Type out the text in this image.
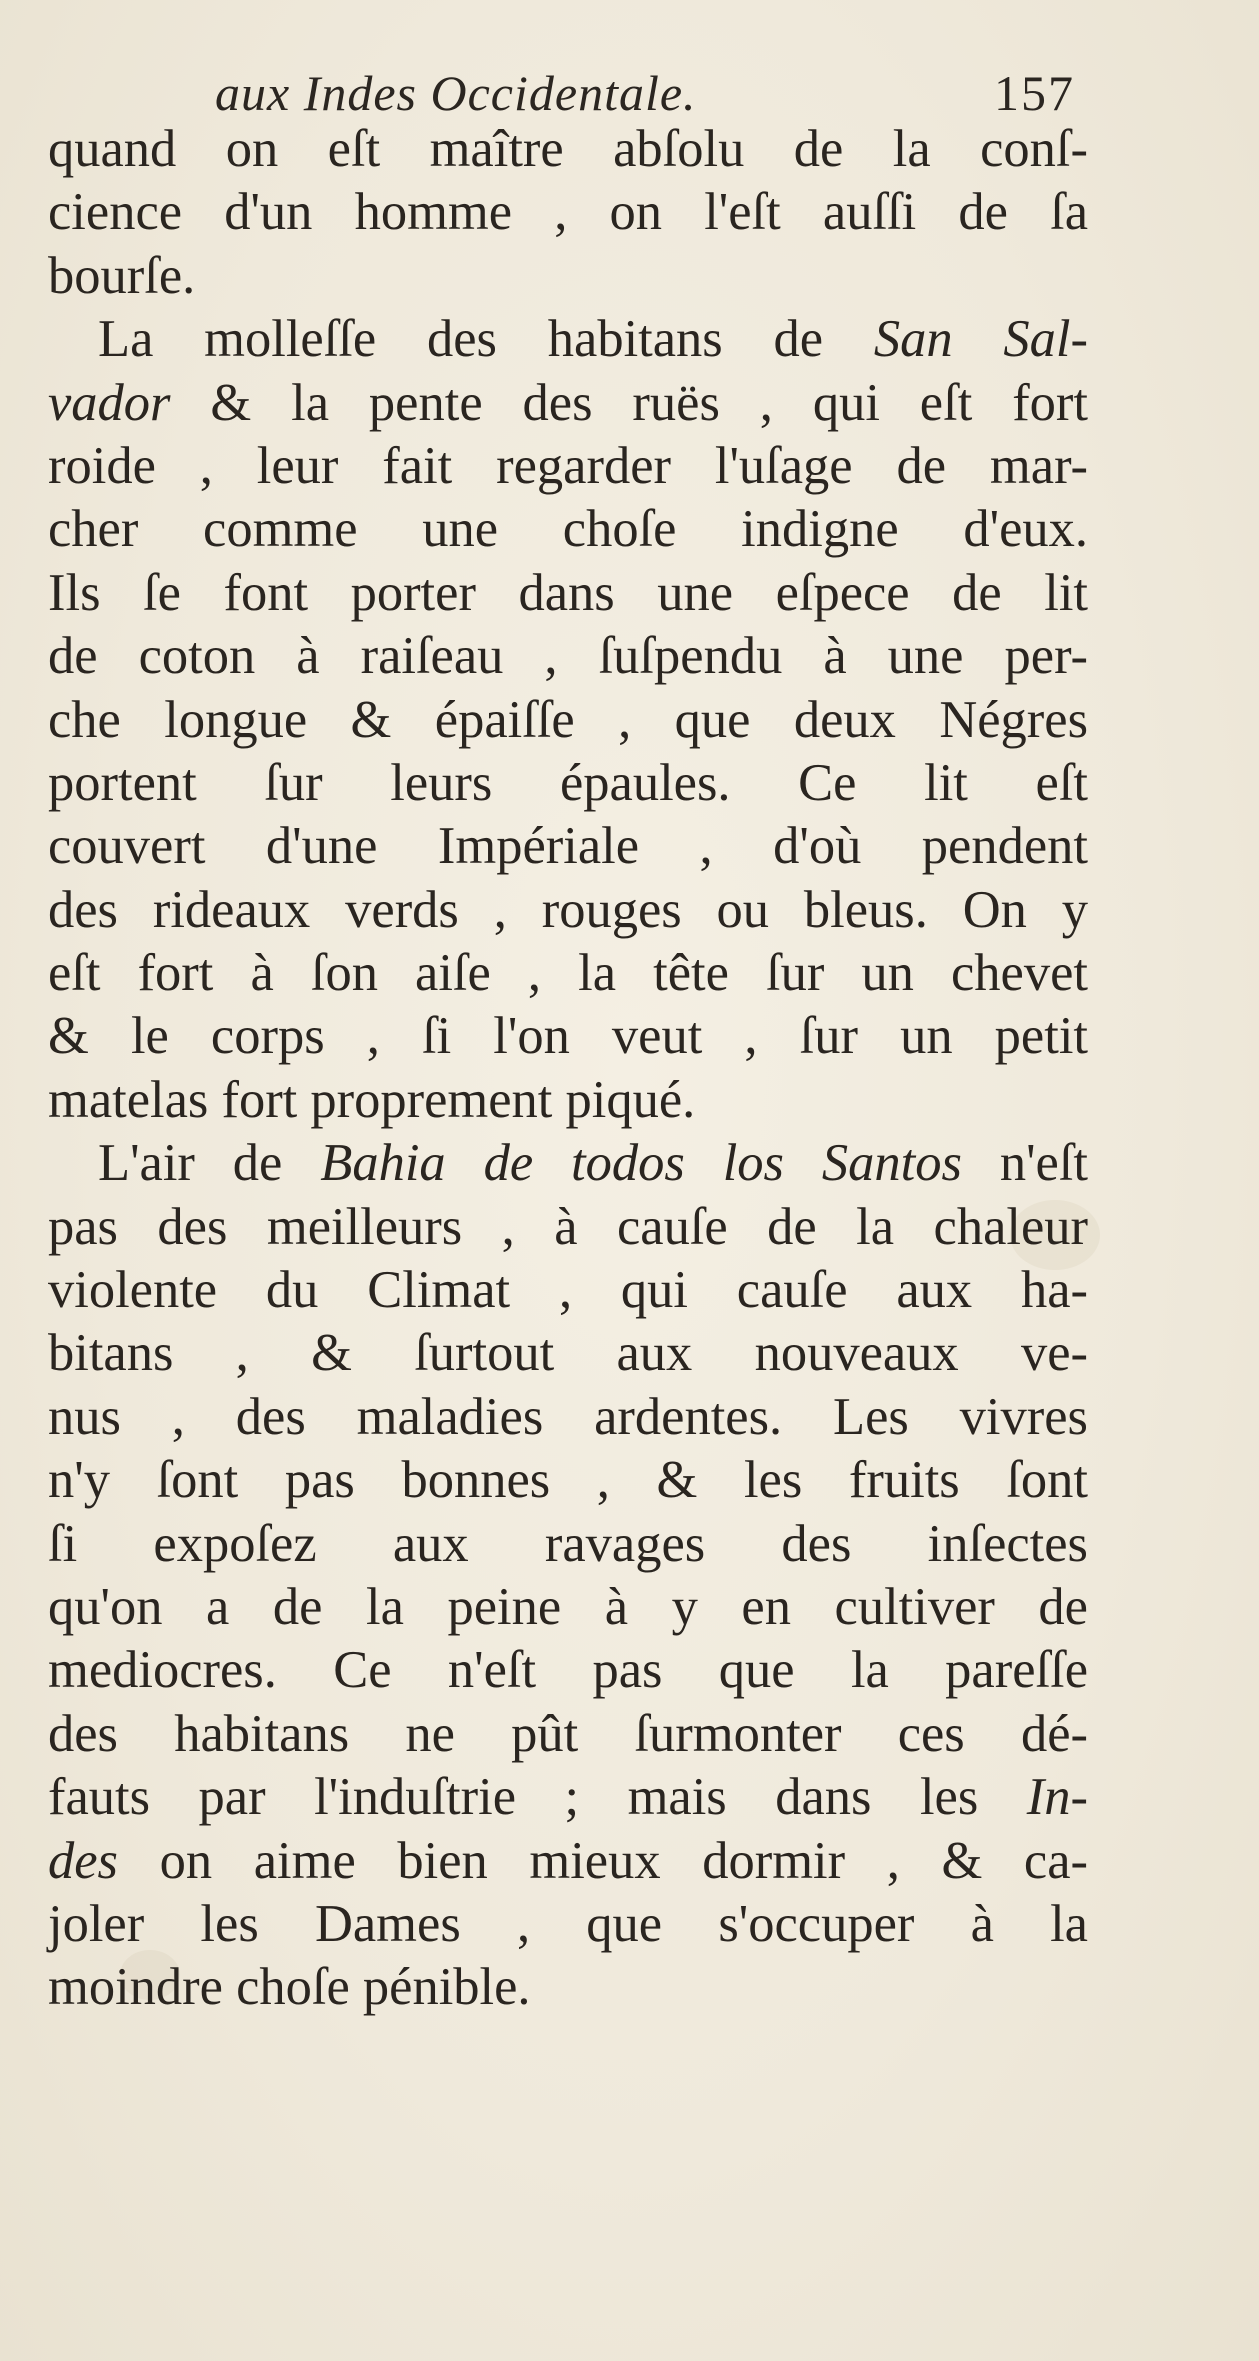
aux Indes Occidentale.	157
quand on eſt maître abſolu de la conſ-
cience d'un homme , on l'eſt auſſi de ſa
bourſe.
La molleſſe des habitans de San Sal-
vador & la pente des ruës , qui eſt fort
roide , leur fait regarder l'uſage de mar-
cher comme une choſe indigne d'eux.
Ils ſe font porter dans une eſpece de lit
de coton à raiſeau , ſuſpendu à une per-
che longue & épaiſſe , que deux Négres
portent ſur leurs épaules. Ce lit eſt
couvert d'une Impériale , d'où pendent
des rideaux verds , rouges ou bleus. On y
eſt fort à ſon aiſe , la tête ſur un chevet
& le corps , ſi l'on veut , ſur un petit
matelas fort proprement piqué.
L'air de Bahia de todos los Santos n'eſt
pas des meilleurs , à cauſe de la chaleur
violente du Climat , qui cauſe aux ha-
bitans , & ſurtout aux nouveaux ve-
nus , des maladies ardentes. Les vivres
n'y ſont pas bonnes , & les fruits ſont
ſi expoſez aux ravages des inſectes
qu'on a de la peine à y en cultiver de
mediocres. Ce n'eſt pas que la pareſſe
des habitans ne pût ſurmonter ces dé-
fauts par l'induſtrie ; mais dans les In-
des on aime bien mieux dormir , & ca-
joler les Dames , que s'occuper à la
moindre choſe pénible.
